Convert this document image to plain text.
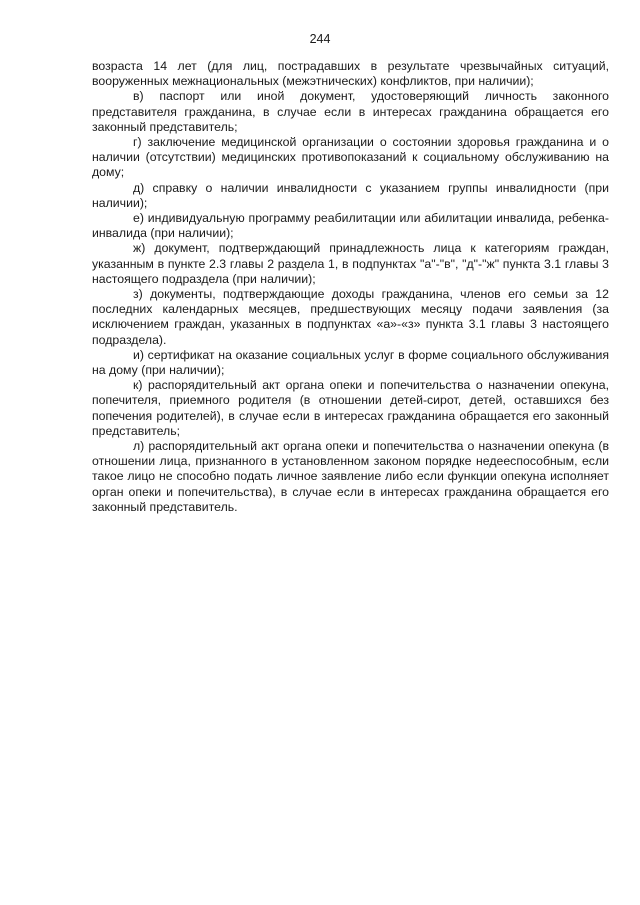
244

возраста 14 лет (для лиц, пострадавших в результате чрезвычайных ситуаций, вооруженных межнациональных (межэтнических) конфликтов, при наличии);

в) паспорт или иной документ, удостоверяющий личность законного представителя гражданина, в случае если в интересах гражданина обращается его законный представитель;

г) заключение медицинской организации о состоянии здоровья гражданина и о наличии (отсутствии) медицинских противопоказаний к социальному обслуживанию на дому;

д) справку о наличии инвалидности с указанием группы инвалидности (при наличии);

е) индивидуальную программу реабилитации или абилитации инвалида, ребенка-инвалида (при наличии);

ж) документ, подтверждающий принадлежность лица к категориям граждан, указанным в пункте 2.3 главы 2 раздела 1, в подпунктах "а"-"в", "д"-"ж" пункта 3.1 главы 3 настоящего подраздела (при наличии);

з) документы, подтверждающие доходы гражданина, членов его семьи за 12 последних календарных месяцев, предшествующих месяцу подачи заявления (за исключением граждан, указанных в подпунктах «а»-«з» пункта 3.1 главы 3 настоящего подраздела).

и) сертификат на оказание социальных услуг в форме социального обслуживания на дому (при наличии);

к) распорядительный акт органа опеки и попечительства о назначении опекуна, попечителя, приемного родителя (в отношении детей-сирот, детей, оставшихся без попечения родителей), в случае если в интересах гражданина обращается его законный представитель;

л) распорядительный акт органа опеки и попечительства о назначении опекуна (в отношении лица, признанного в установленном законом порядке недееспособным, если такое лицо не способно подать личное заявление либо если функции опекуна исполняет орган опеки и попечительства), в случае если в интересах гражданина обращается его законный представитель.
